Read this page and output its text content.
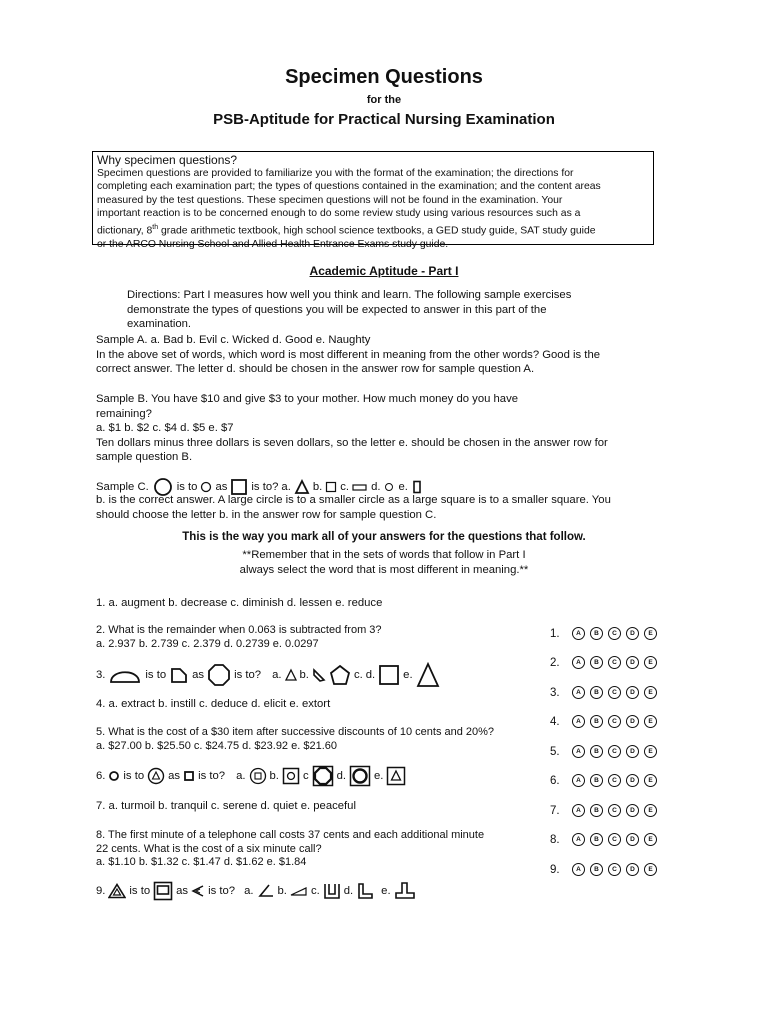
Specimen Questions
for the
PSB-Aptitude for Practical Nursing Examination
Why specimen questions?
Specimen questions are provided to familiarize you with the format of the examination; the directions for
completing each examination part; the types of questions contained in the examination; and the content areas
measured by the test questions. These specimen questions will not be found in the examination. Your
important reaction is to be concerned enough to do some review study using various resources such as a
dictionary, 8th grade arithmetic textbook, high school science textbooks, a GED study guide, SAT study guide
or the ARCO Nursing School and Allied Health Entrance Exams study guide.
Academic Aptitude - Part I
Directions: Part I measures how well you think and learn. The following sample exercises
demonstrate the types of questions you will be expected to answer in this part of the
examination.
Sample A. a. Bad b. Evil c. Wicked d. Good e. Naughty
In the above set of words, which word is most different in meaning from the other words? Good is the
correct answer. The letter d. should be chosen in the answer row for sample question A.
Sample B. You have $10 and give $3 to your mother. How much money do you have
remaining?
a. $1 b. $2 c. $4 d. $5 e. $7
Ten dollars minus three dollars is seven dollars, so the letter e. should be chosen in the answer row for
sample question B.
Sample C. is to as is to? a. b. c. d. e.
b. is the correct answer. A large circle is to a smaller circle as a large square is to a smaller square. You
should choose the letter b. in the answer row for sample question C.
This is the way you mark all of your answers for the questions that follow.
**Remember that in the sets of words that follow in Part I
always select the word that is most different in meaning.**
1. a. augment b. decrease c. diminish d. lessen e. reduce
2. What is the remainder when 0.063 is subtracted from 3?
a. 2.937 b. 2.739 c. 2.379 d. 0.2739 e. 0.0297
3.	is to as	is to? a. b.	c. d. e.
4. a. extract b. instill c. deduce d. elicit e. extort
5. What is the cost of a $30 item after successive discounts of 10 cents and 20%?
a. $27.00 b. $25.50 c. $24.75 d. $23.92 e. $21.60
6. is to as is to? a. b. c d. e.
7. a. turmoil b. tranquil c. serene d. quiet e. peaceful
8. The first minute of a telephone call costs 37 cents and each additional minute
22 cents. What is the cost of a six minute call?
a. $1.10 b. $1.32 c. $1.47 d. $1.62 e. $1.84
9. is to as is to? a. b. c. d. e.
1.	A	B	C	D	E
2.	A	B	C	D	E
3.	A	B	C	D	E
4.	A	B	C	D	E
5.	A	B	C	D	E
6.	A	B	C	D	E
7.	A	B	C	D	E
8.	A	B	C	D	E
9.	A	B	C	D	E
